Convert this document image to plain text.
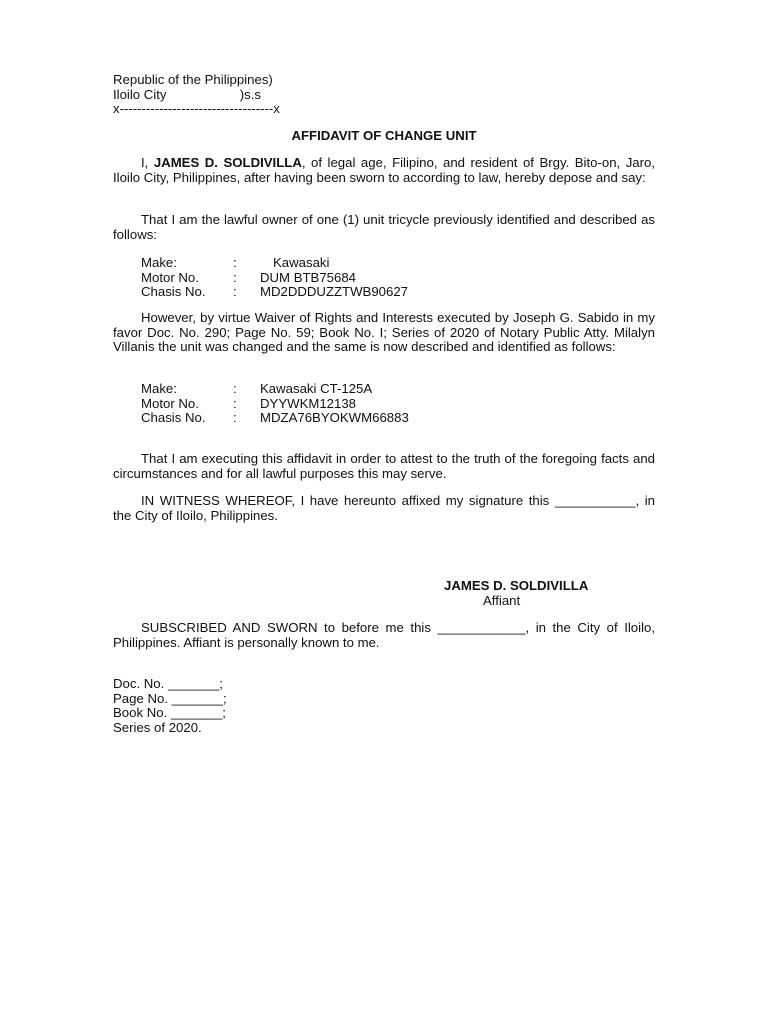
Republic of the Philippines)
Iloilo City                    )s.s
x-----------------------------------x
AFFIDAVIT OF CHANGE UNIT
I, JAMES D. SOLDIVILLA, of legal age, Filipino, and resident of Brgy. Bito-on, Jaro, Iloilo City, Philippines, after having been sworn to according to law, hereby depose and say:
That I am the lawful owner of one (1) unit tricycle previously identified and described as follows:
Make:	:	Kawasaki
Motor No.	:	DUM BTB75684
Chasis No.	:	MD2DDDUZZTWB90627
However, by virtue Waiver of Rights and Interests executed by Joseph G. Sabido in my favor Doc. No. 290; Page No. 59; Book No. I; Series of 2020 of Notary Public Atty. Milalyn Villanis the unit was changed and the same is now described and identified as follows:
Make:	:	Kawasaki CT-125A
Motor No.	:	DYYWKM12138
Chasis No.	:	MDZA76BYOKWM66883
That I am executing this affidavit in order to attest to the truth of the foregoing facts and circumstances and for all lawful purposes this may serve.
IN WITNESS WHEREOF, I have hereunto affixed my signature this ___________, in the City of Iloilo, Philippines.
JAMES D. SOLDIVILLA
Affiant
SUBSCRIBED AND SWORN to before me this ____________, in the City of Iloilo, Philippines. Affiant is personally known to me.
Doc. No. _______;
Page No. _______;
Book No. _______;
Series of 2020.
